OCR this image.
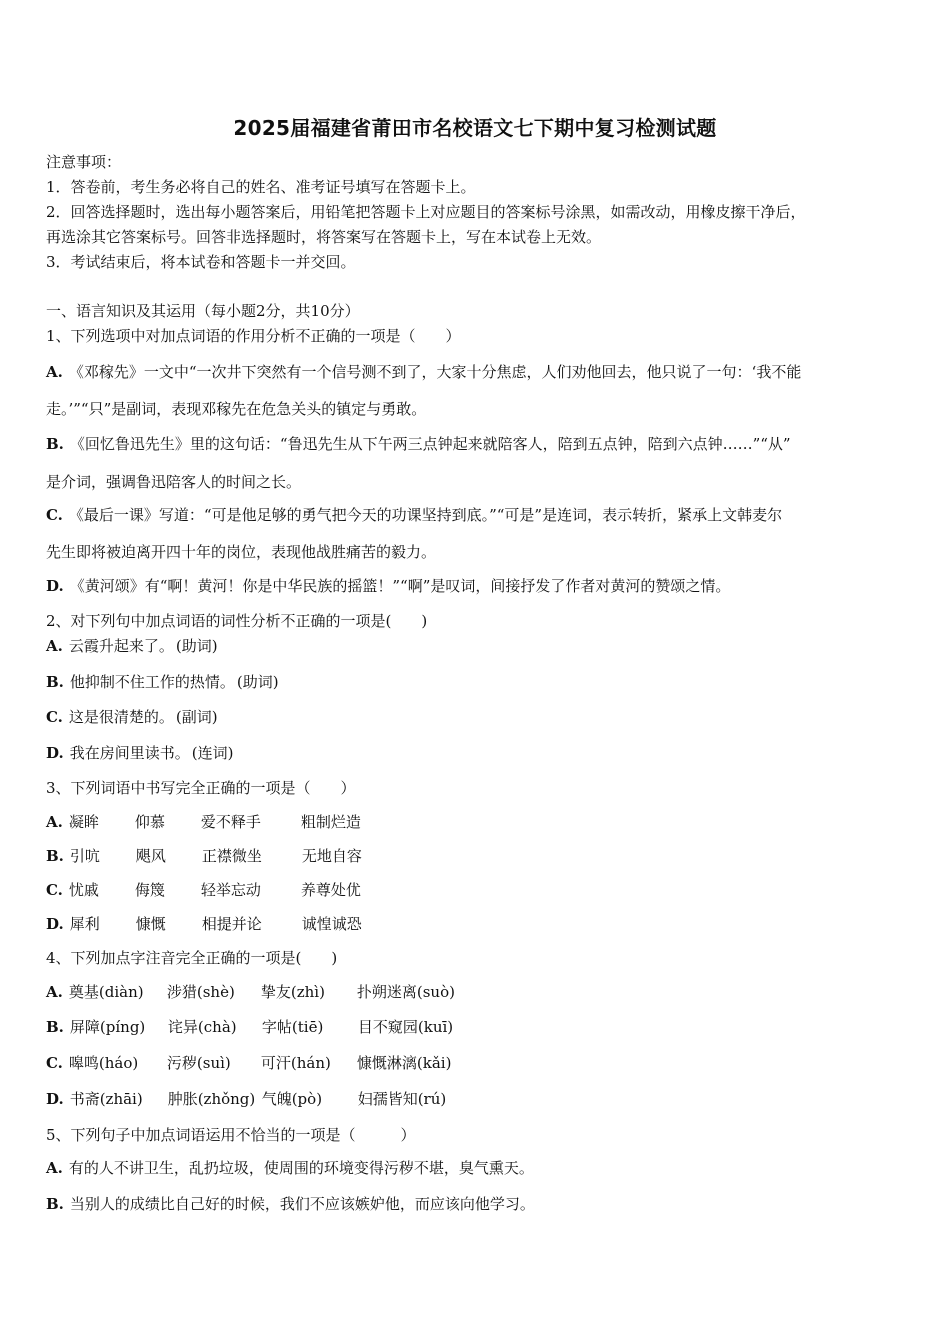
2025届福建省莆田市名校语文七下期中复习检测试题
注意事项：
1．答卷前，考生务必将自己的姓名、准考证号填写在答题卡上。
2．回答选择题时，选出每小题答案后，用铅笔把答题卡上对应题目的答案标号涂黑，如需改动，用橡皮擦干净后，
再选涂其它答案标号。回答非选择题时，将答案写在答题卡上，写在本试卷上无效。
3．考试结束后，将本试卷和答题卡一并交回。
一、语言知识及其运用（每小题2分，共10分）
1、下列选项中对加点词语的作用分析不正确的一项是（　　）
A. 《邓稼先》一文中“一次井下突然有一个信号测不到了，大家十分焦虑，人们劝他回去，他只说了一句：‘我不能
走。’”“只”是副词，表现邓稼先在危急关头的镇定与勇敢。
B. 《回忆鲁迅先生》里的这句话：“鲁迅先生从下午两三点钟起来就陪客人，陪到五点钟，陪到六点钟……”“从”
是介词，强调鲁迅陪客人的时间之长。
C. 《最后一课》写道：“可是他足够的勇气把今天的功课坚持到底。”“可是”是连词，表示转折，紧承上文韩麦尔
先生即将被迫离开四十年的岗位，表现他战胜痛苦的毅力。
D. 《黄河颂》有“啊！黄河！你是中华民族的摇篮！”“啊”是叹词，间接抒发了作者对黄河的赞颂之情。
2、对下列句中加点词语的词性分析不正确的一项是(　　)
A. 云霞升起来了。 (助词)
B. 他抑制不住工作的热情。 (助词)
C. 这是很清楚的。 (副词)
D. 我在房间里读书。 (连词)
3、下列词语中书写完全正确的一项是（　　）
A. 凝眸 仰慕 爱不释手	粗制烂造
B. 引吭 飓风 正襟微坐	无地自容
C. 忧戚 侮篾 轻举忘动	养尊处优
D. 犀利 慷慨 相提并论	诚惶诚恐
4、下列加点字注音完全正确的一项是(　　)
A. 奠基(diàn) 涉猎(shè) 挚友(zhì) 扑朔迷离(suò)
B. 屏障(píng) 诧异(chà) 字帖(tiē) 目不窥园(kuī)
C. 嗥鸣(háo) 污秽(suì) 可汗(hán) 慷慨淋漓(kǎi)
D. 书斋(zhāi) 肿胀(zhǒng) 气魄(pò) 妇孺皆知(rú)
5、下列句子中加点词语运用不恰当的一项是（　　　）
A. 有的人不讲卫生，乱扔垃圾，使周围的环境变得污秽不堪，臭气熏天。
B. 当别人的成绩比自己好的时候，我们不应该嫉妒他，而应该向他学习。
